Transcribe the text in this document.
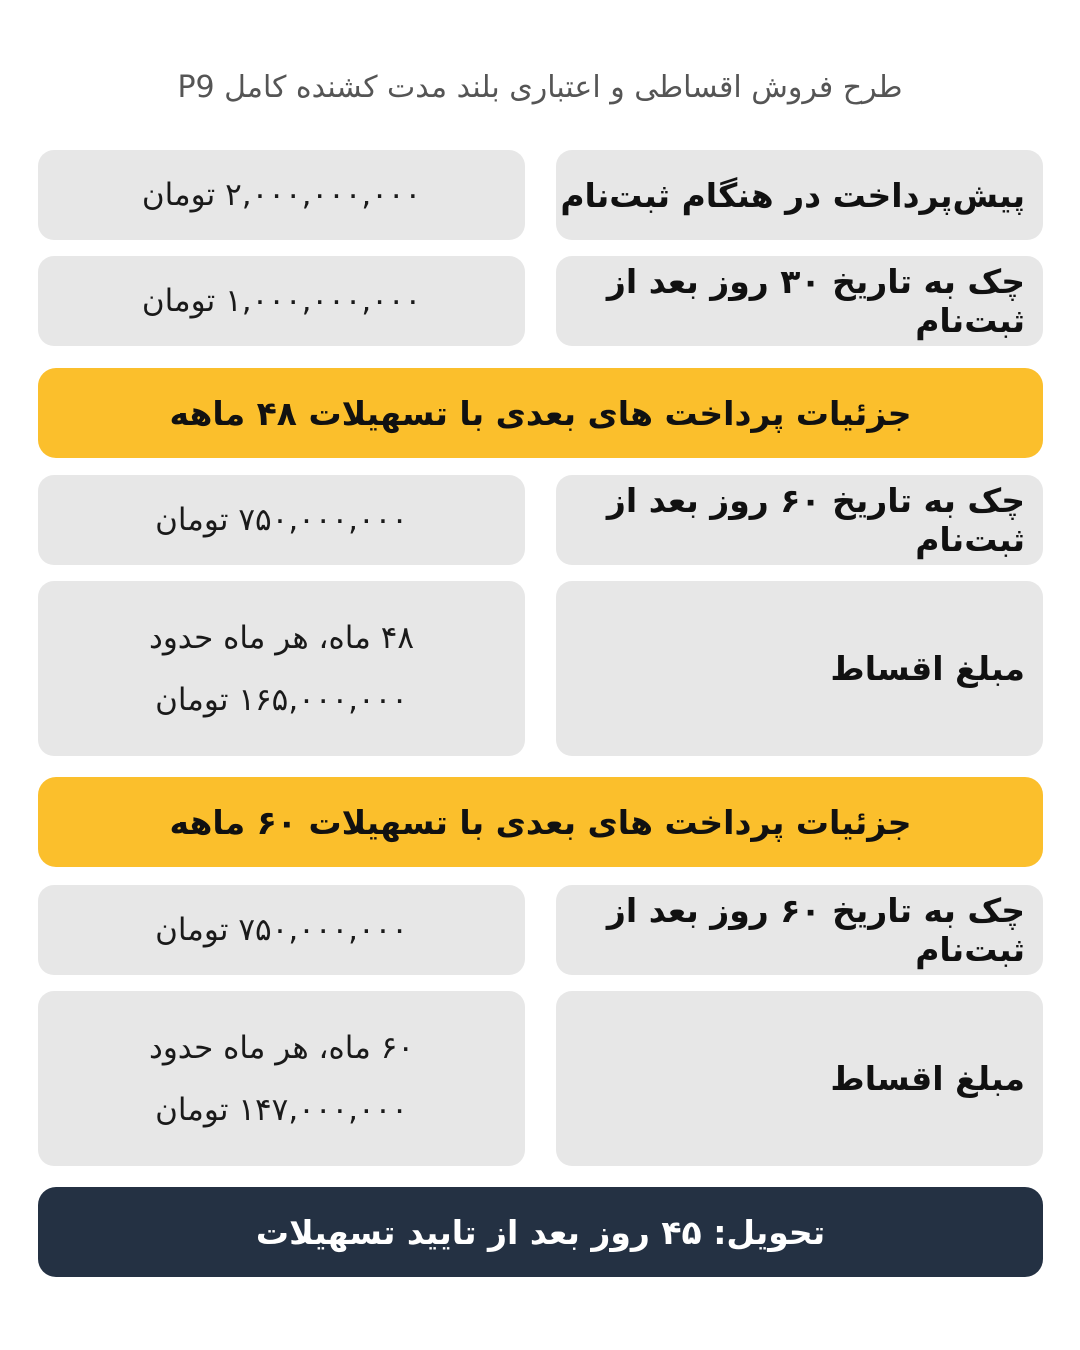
طرح فروش اقساطی و اعتباری بلند مدت کشنده کامل P9
پیش‌پرداخت در هنگام ثبت‌نام
۲,۰۰۰,۰۰۰,۰۰۰ تومان
چک به تاریخ ۳۰ روز بعد از ثبت‌نام
۱,۰۰۰,۰۰۰,۰۰۰ تومان
جزئیات پرداخت های بعدی با تسهیلات ۴۸ ماهه
چک به تاریخ ۶۰ روز بعد از ثبت‌نام
۷۵۰,۰۰۰,۰۰۰ تومان
مبلغ اقساط
۴۸ ماه، هر ماه حدود
۱۶۵,۰۰۰,۰۰۰ تومان
جزئیات پرداخت های بعدی با تسهیلات ۶۰ ماهه
چک به تاریخ ۶۰ روز بعد از ثبت‌نام
۷۵۰,۰۰۰,۰۰۰ تومان
مبلغ اقساط
۶۰ ماه، هر ماه حدود
۱۴۷,۰۰۰,۰۰۰ تومان
تحویل: ۴۵ روز بعد از تایید تسهیلات
